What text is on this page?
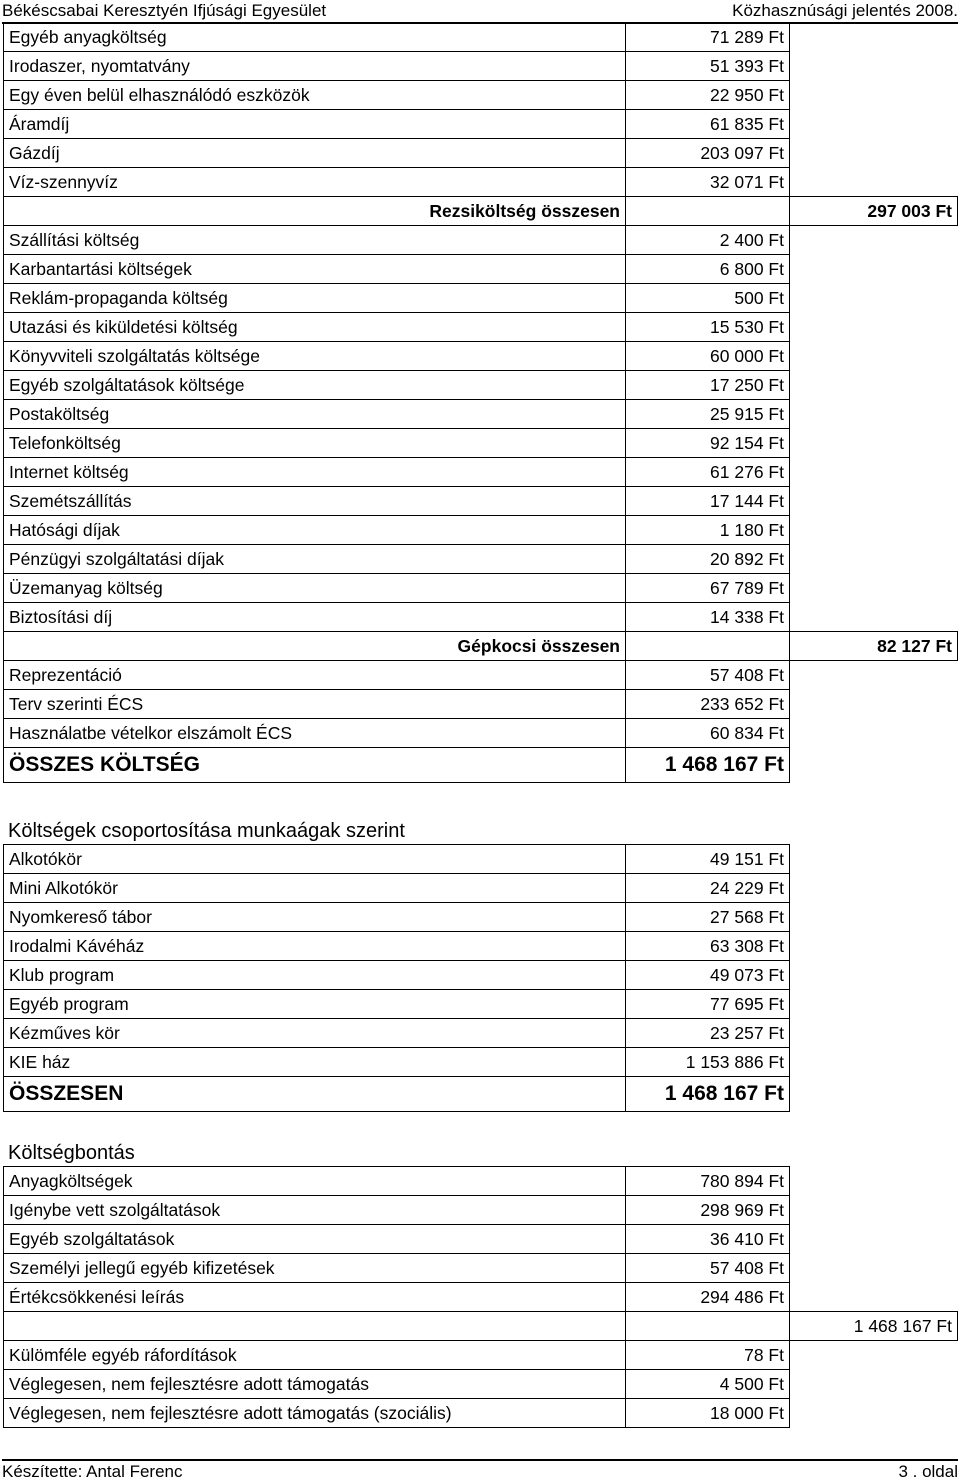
Békéscsabai Keresztyén Ifjúsági Egyesület	Közhasznúsági jelentés 2008.
Egyéb anyagköltség	71 289 Ft	
Irodaszer, nyomtatvány	51 393 Ft	
Egy éven belül elhasználódó eszközök	22 950 Ft	
Áramdíj	61 835 Ft	
Gázdíj	203 097 Ft	
Víz-szennyvíz	32 071 Ft	
Rezsiköltség összesen		297 003 Ft
Szállítási költség	2 400 Ft	
Karbantartási költségek	6 800 Ft	
Reklám-propaganda költség	500 Ft	
Utazási és kiküldetési költség	15 530 Ft	
Könyvviteli szolgáltatás költsége	60 000 Ft	
Egyéb szolgáltatások költsége	17 250 Ft	
Postaköltség	25 915 Ft	
Telefonköltség	92 154 Ft	
Internet költség	61 276 Ft	
Szemétszállítás	17 144 Ft	
Hatósági díjak	1 180 Ft	
Pénzügyi szolgáltatási díjak	20 892 Ft	
Üzemanyag költség	67 789 Ft	
Biztosítási díj	14 338 Ft	
Gépkocsi összesen		82 127 Ft
Reprezentáció	57 408 Ft	
Terv szerinti ÉCS	233 652 Ft	
Használatbe vételkor elszámolt ÉCS	60 834 Ft	
ÖSSZES KÖLTSÉG	1 468 167 Ft	
Költségek csoportosítása munkaágak szerint
Alkotókör	49 151 Ft
Mini Alkotókör	24 229 Ft
Nyomkereső tábor	27 568 Ft
Irodalmi Kávéház	63 308 Ft
Klub program	49 073 Ft
Egyéb program	77 695 Ft
Kézműves kör	23 257 Ft
KIE ház	1 153 886 Ft
ÖSSZESEN	1 468 167 Ft
Költségbontás
Anyagköltségek	780 894 Ft	
Igénybe vett szolgáltatások	298 969 Ft	
Egyéb szolgáltatások	36 410 Ft	
Személyi jellegű egyéb kifizetések	57 408 Ft	
Értékcsökkenési leírás	294 486 Ft	
		1 468 167 Ft
Külömféle egyéb ráfordítások	78 Ft	
Véglegesen, nem fejlesztésre adott támogatás	4 500 Ft	
Véglegesen, nem fejlesztésre adott támogatás (szociális)	18 000 Ft	
Készítette: Antal Ferenc	3 . oldal
